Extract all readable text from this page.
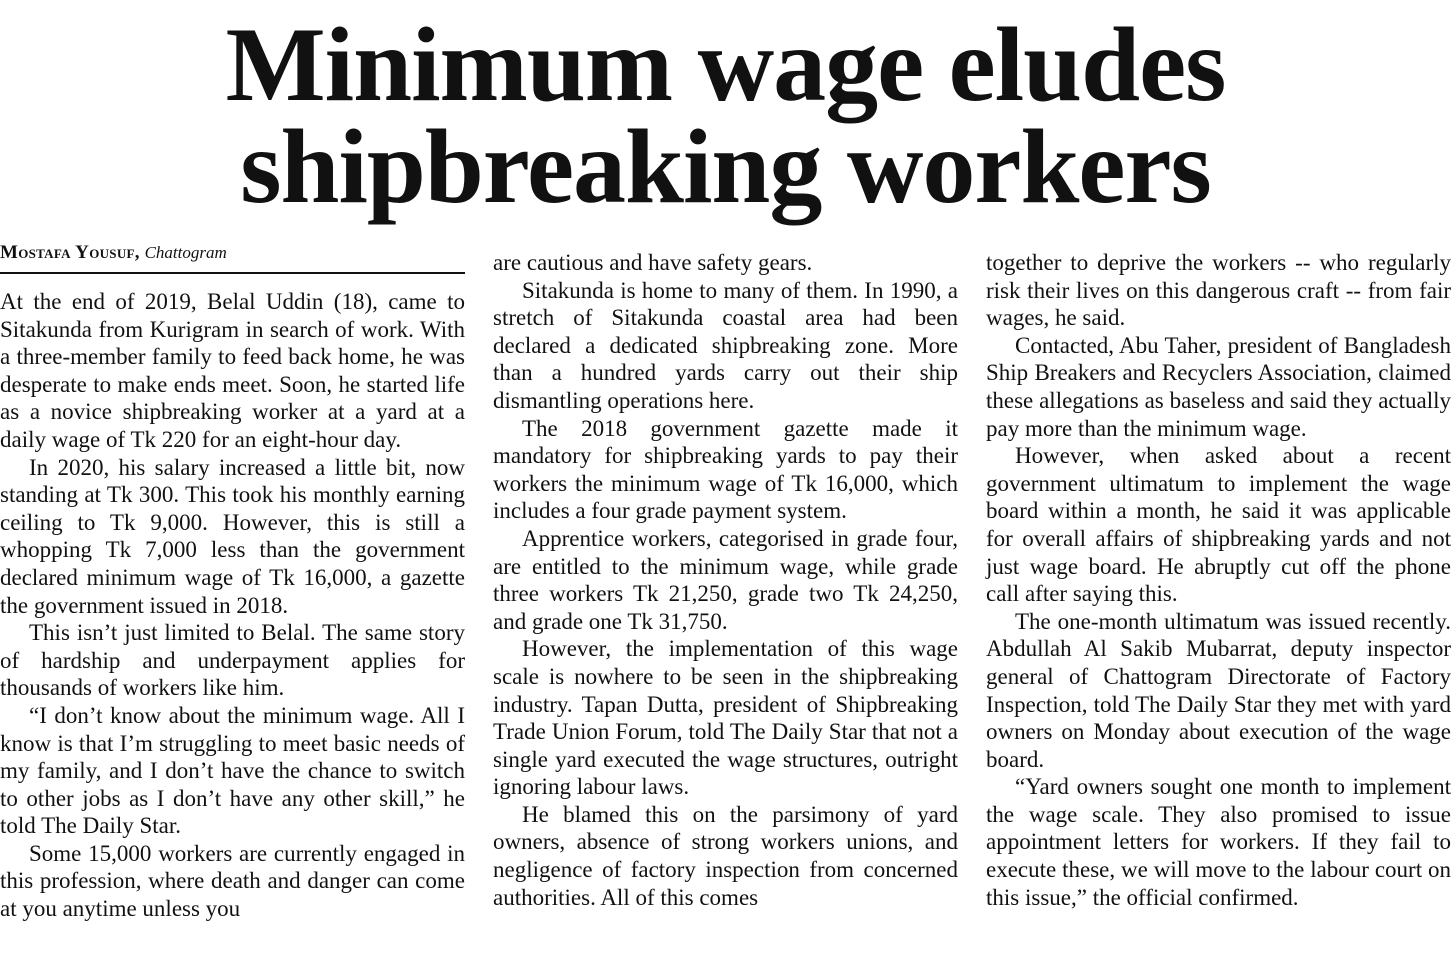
Minimum wage eludes
shipbreaking workers
Mostafa Yousuf, Chattogram

At the end of 2019, Belal Uddin (18), came to Sitakunda from Kurigram in search of work. With a three-member family to feed back home, he was desperate to make ends meet. Soon, he started life as a novice shipbreaking worker at a yard at a daily wage of Tk 220 for an eight-hour day.

In 2020, his salary increased a little bit, now standing at Tk 300. This took his monthly earning ceiling to Tk 9,000. However, this is still a whopping Tk 7,000 less than the government declared minimum wage of Tk 16,000, a gazette the government issued in 2018.

This isn’t just limited to Belal. The same story of hardship and underpayment applies for thousands of workers like him.

“I don’t know about the minimum wage. All I know is that I’m struggling to meet basic needs of my family, and I don’t have the chance to switch to other jobs as I don’t have any other skill,” he told The Daily Star.

Some 15,000 workers are currently engaged in this profession, where death and danger can come at you anytime unless you

are cautious and have safety gears.

Sitakunda is home to many of them. In 1990, a stretch of Sitakunda coastal area had been declared a dedicated shipbreaking zone. More than a hundred yards carry out their ship dismantling operations here.

The 2018 government gazette made it mandatory for shipbreaking yards to pay their workers the minimum wage of Tk 16,000, which includes a four grade payment system.

Apprentice workers, categorised in grade four, are entitled to the minimum wage, while grade three workers Tk 21,250, grade two Tk 24,250, and grade one Tk 31,750.

However, the implementation of this wage scale is nowhere to be seen in the shipbreaking industry. Tapan Dutta, president of Shipbreaking Trade Union Forum, told The Daily Star that not a single yard executed the wage structures, outright ignoring labour laws.

He blamed this on the parsimony of yard owners, absence of strong workers unions, and negligence of factory inspection from concerned authorities. All of this comes

together to deprive the workers -- who regularly risk their lives on this dangerous craft -- from fair wages, he said.

Contacted, Abu Taher, president of Bangladesh Ship Breakers and Recyclers Association, claimed these allegations as baseless and said they actually pay more than the minimum wage.

However, when asked about a recent government ultimatum to implement the wage board within a month, he said it was applicable for overall affairs of shipbreaking yards and not just wage board. He abruptly cut off the phone call after saying this.

The one-month ultimatum was issued recently. Abdullah Al Sakib Mubarrat, deputy inspector general of Chattogram Directorate of Factory Inspection, told The Daily Star they met with yard owners on Monday about execution of the wage board.

“Yard owners sought one month to implement the wage scale. They also promised to issue appointment letters for workers. If they fail to execute these, we will move to the labour court on this issue,” the official confirmed.
